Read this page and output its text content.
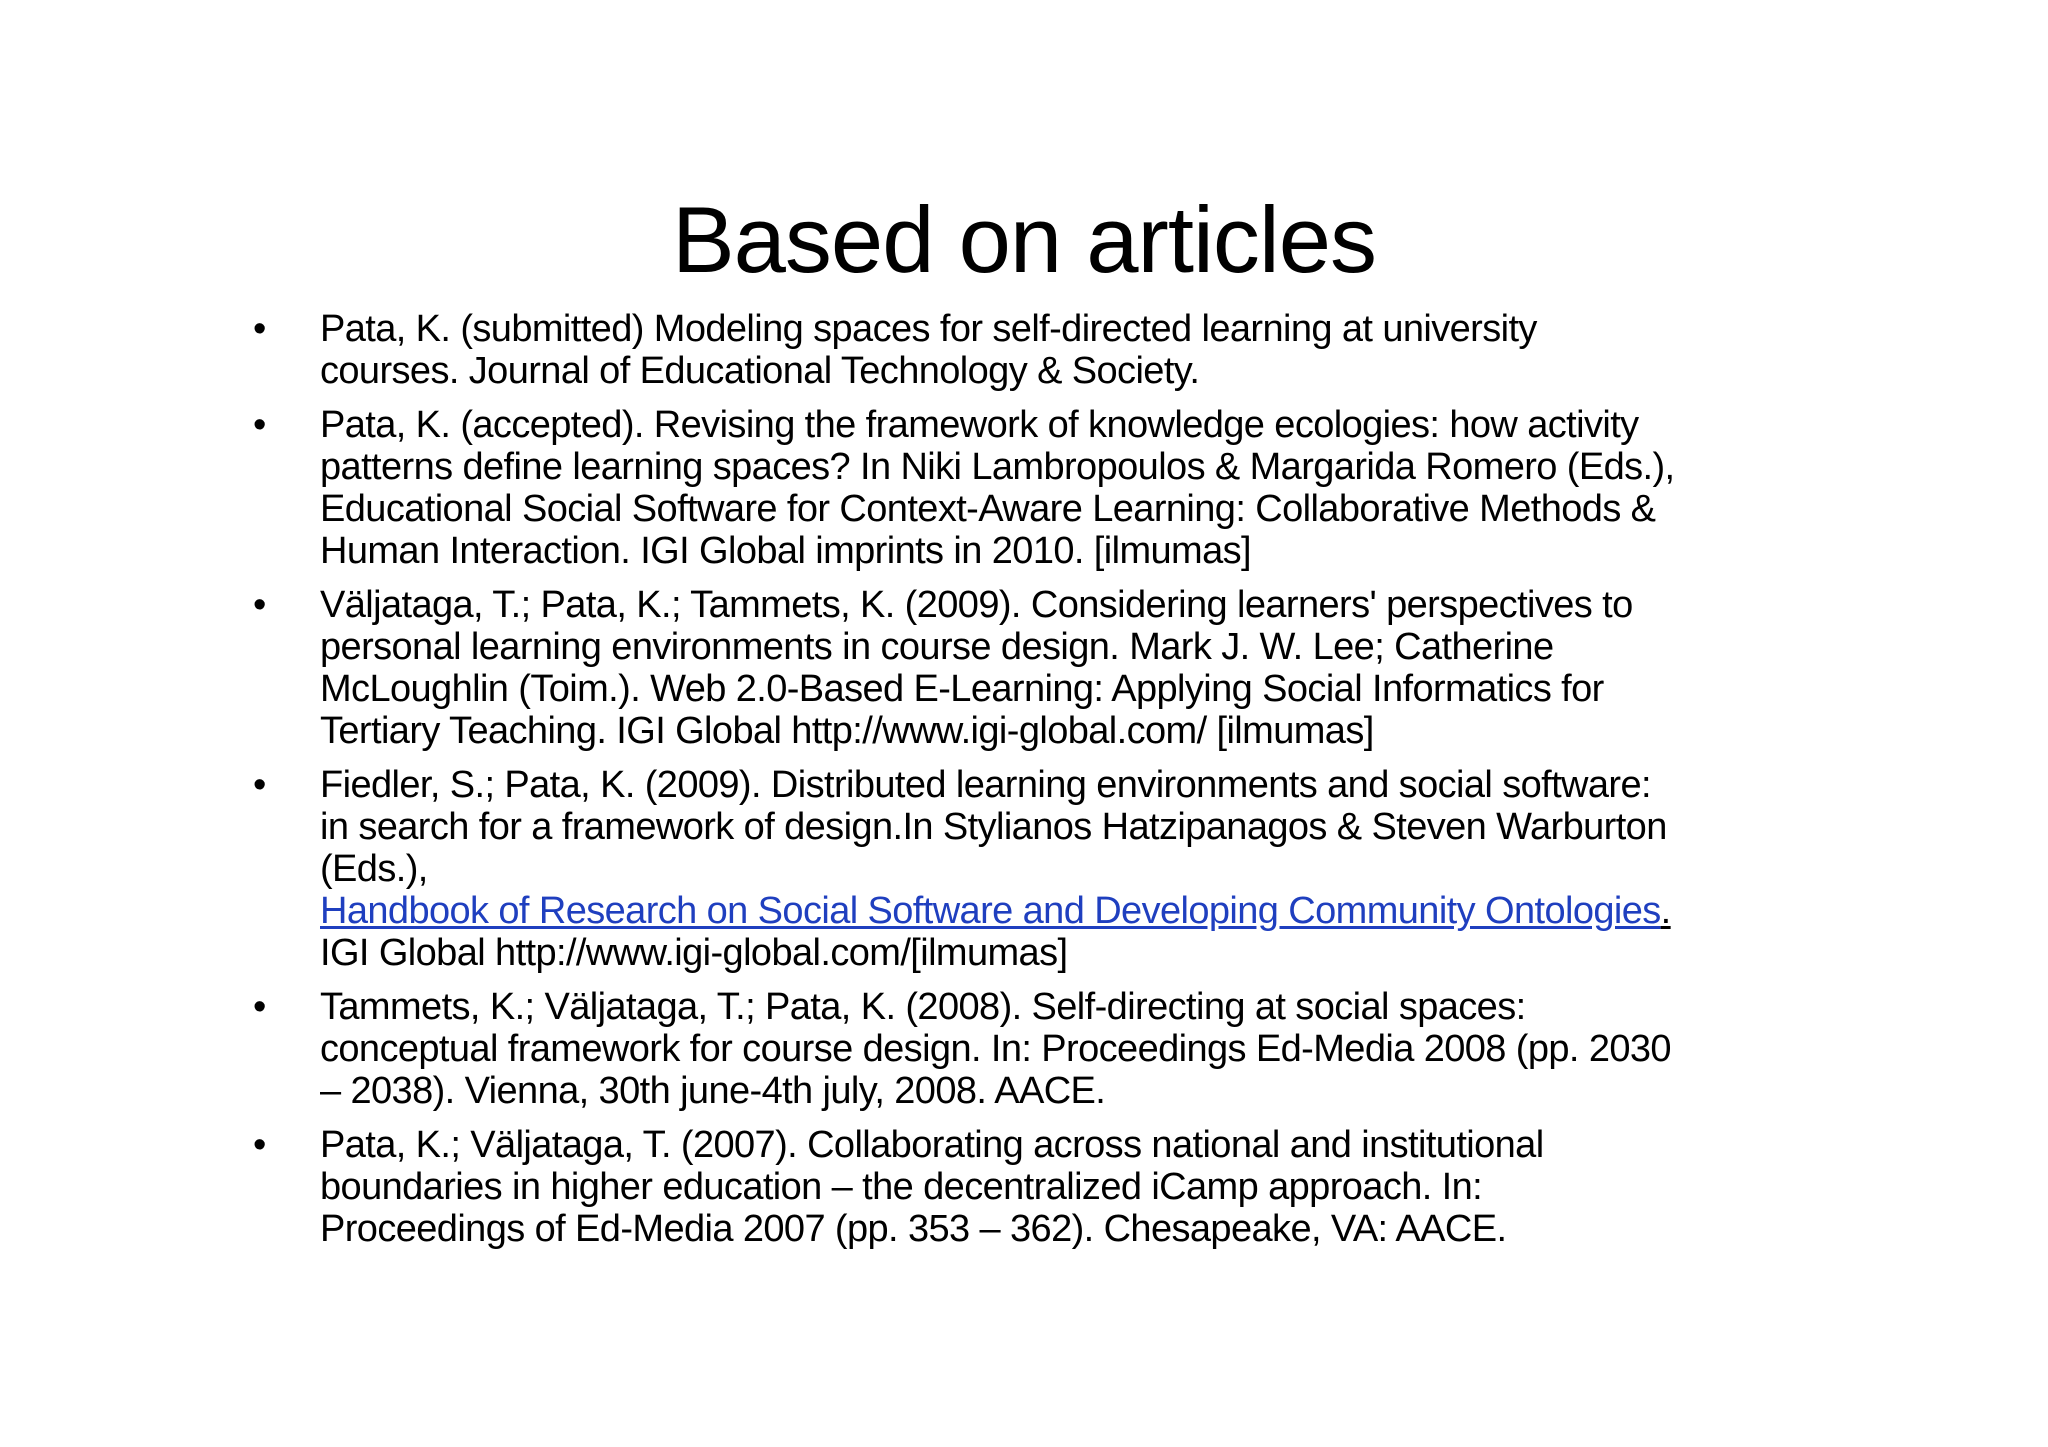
Based on articles
• Pata, K. (submitted) Modeling spaces for self-directed learning at university
courses. Journal of Educational Technology & Society.
• Pata, K. (accepted). Revising the framework of knowledge ecologies: how activity
patterns define learning spaces? In Niki Lambropoulos & Margarida Romero (Eds.),
Educational Social Software for Context-Aware Learning: Collaborative Methods &
Human Interaction. IGI Global imprints in 2010. [ilmumas]
• Väljataga, T.; Pata, K.; Tammets, K. (2009). Considering learners' perspectives to
personal learning environments in course design. Mark J. W. Lee; Catherine
McLoughlin (Toim.). Web 2.0-Based E-Learning: Applying Social Informatics for
Tertiary Teaching. IGI Global http://www.igi-global.com/ [ilmumas]
• Fiedler, S.; Pata, K. (2009). Distributed learning environments and social software:
in search for a framework of design.In Stylianos Hatzipanagos & Steven Warburton
(Eds.),
Handbook of Research on Social Software and Developing Community Ontologies.
IGI Global http://www.igi-global.com/[ilmumas]
• Tammets, K.; Väljataga, T.; Pata, K. (2008). Self-directing at social spaces:
conceptual framework for course design. In: Proceedings Ed-Media 2008 (pp. 2030
– 2038). Vienna, 30th june-4th july, 2008. AACE.
• Pata, K.; Väljataga, T. (2007). Collaborating across national and institutional
boundaries in higher education – the decentralized iCamp approach. In:
Proceedings of Ed-Media 2007 (pp. 353 – 362). Chesapeake, VA: AACE.
